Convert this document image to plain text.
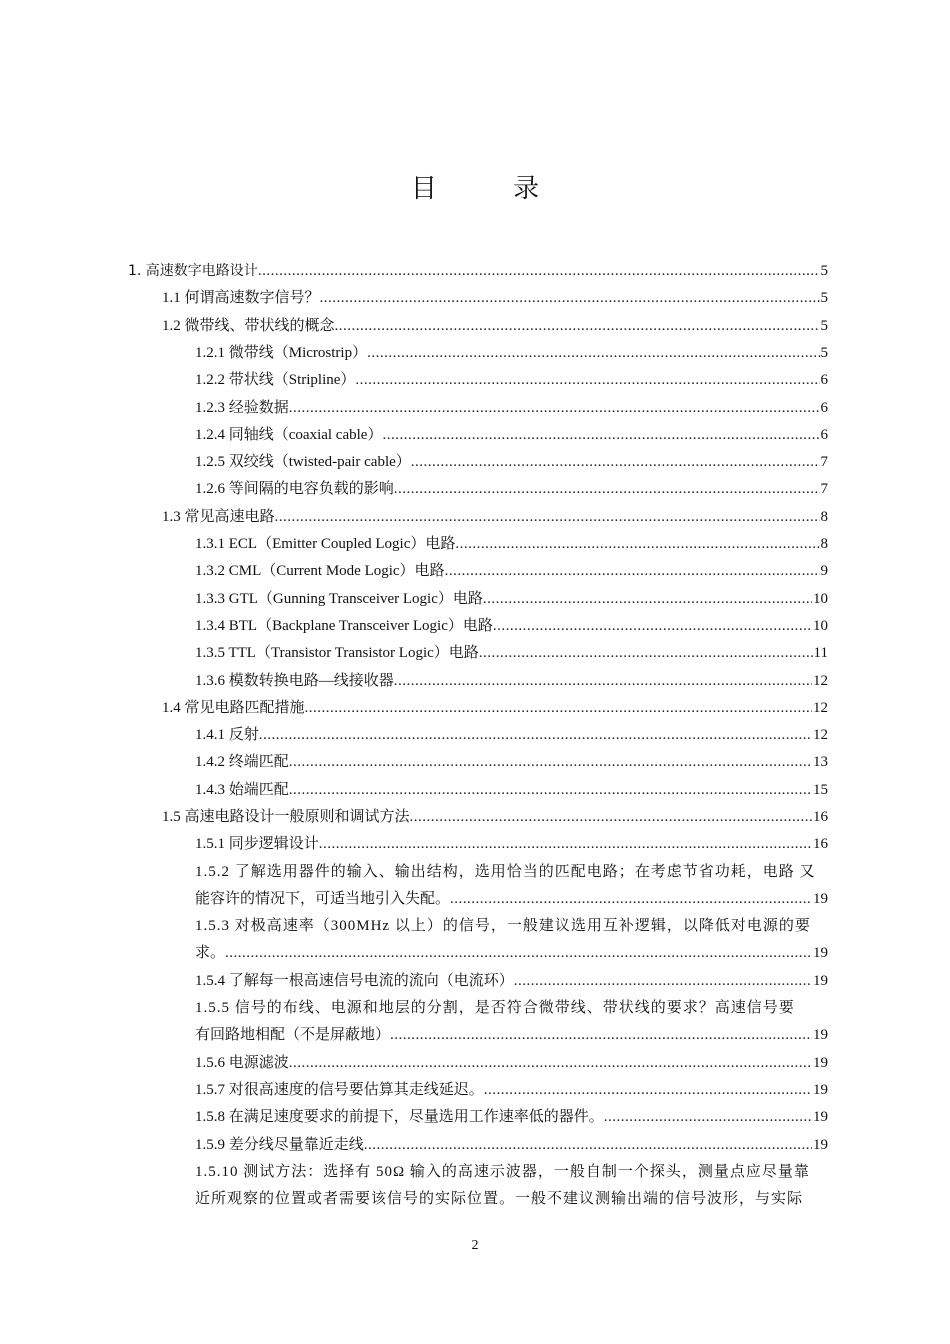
目 录
1. 高速数字电路设计 .....	5
1.1 何谓高速数字信号？ .....	5
1.2 微带线、带状线的概念 .....	5
1.2.1 微带线（Microstrip） .....	5
1.2.2 带状线（Stripline） .....	6
1.2.3 经验数据 .....	6
1.2.4 同轴线（coaxial cable） .....	6
1.2.5 双绞线（twisted-pair cable） .....	7
1.2.6 等间隔的电容负载的影响 .....	7
1.3 常见高速电路 .....	8
1.3.1 ECL（Emitter Coupled Logic）电路 .....	8
1.3.2 CML（Current Mode Logic）电路 .....	9
1.3.3 GTL（Gunning Transceiver Logic）电路 .....	10
1.3.4 BTL（Backplane Transceiver Logic）电路 .....	10
1.3.5 TTL（Transistor Transistor Logic）电路 .....	11
1.3.6 模数转换电路—线接收器 .....	12
1.4 常见电路匹配措施 .....	12
1.4.1 反射 .....	12
1.4.2 终端匹配 .....	13
1.4.3 始端匹配 .....	15
1.5 高速电路设计一般原则和调试方法 .....	16
1.5.1 同步逻辑设计 .....	16
1.5.2 了解选用器件的输入、输出结构，选用恰当的匹配电路；在考虑节省功耗，电路 又
能容许的情况下，可适当地引入失配。 .....	19
1.5.3 对极高速率（300MHz 以上）的信号，一般建议选用互补逻辑，以降低对电源的要
求。 .....	19
1.5.4 了解每一根高速信号电流的流向（电流环） .....	19
1.5.5 信号的布线、电源和地层的分割，是否符合微带线、带状线的要求？高速信号要
有回路地相配（不是屏蔽地） .....	19
1.5.6 电源滤波 .....	19
1.5.7 对很高速度的信号要估算其走线延迟。 .....	19
1.5.8 在满足速度要求的前提下，尽量选用工作速率低的器件。 .....	19
1.5.9 差分线尽量靠近走线 .....	19
1.5.10 测试方法：选择有 50Ω 输入的高速示波器，一般自制一个探头，测量点应尽量靠
近所观察的位置或者需要该信号的实际位置。一般不建议测输出端的信号波形，与实际
2
